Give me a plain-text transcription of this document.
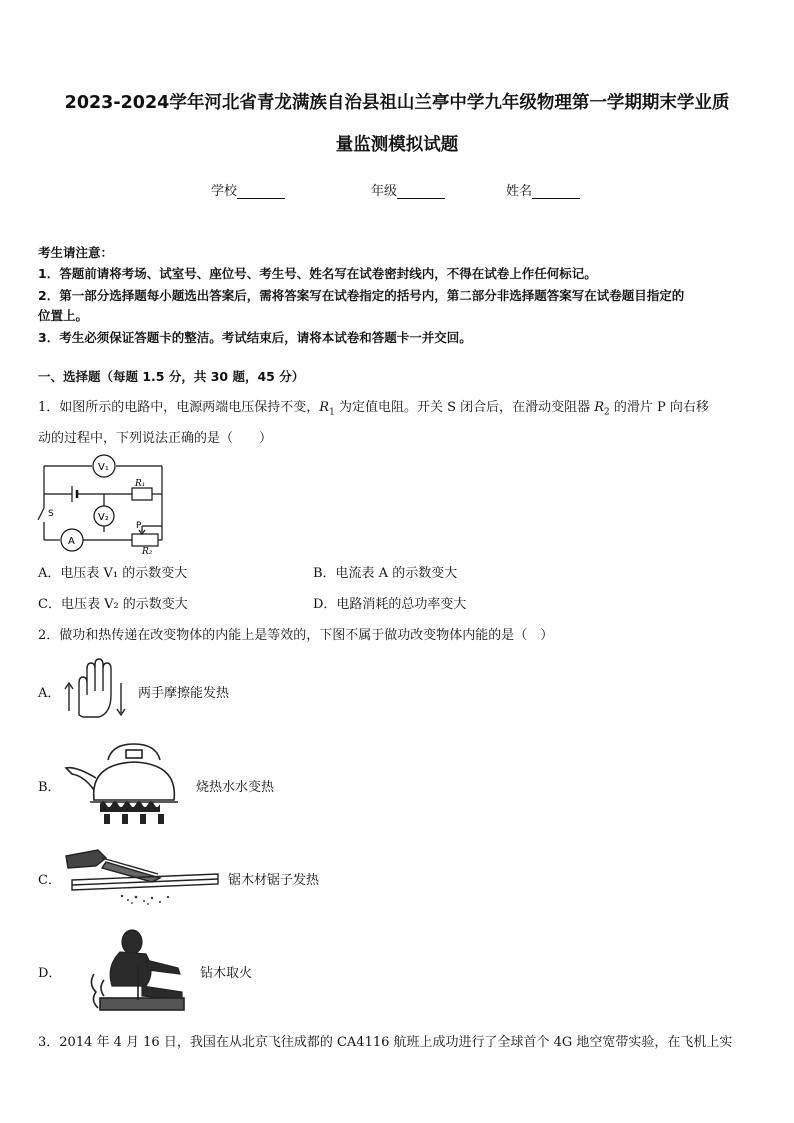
2023-2024学年河北省青龙满族自治县祖山兰亭中学九年级物理第一学期期末学业质
量监测模拟试题
学校	年级	姓名
考生请注意：
1．答题前请将考场、试室号、座位号、考生号、姓名写在试卷密封线内，不得在试卷上作任何标记。
2．第一部分选择题每小题选出答案后，需将答案写在试卷指定的括号内，第二部分非选择题答案写在试卷题目指定的
位置上。
3．考生必须保证答题卡的整洁。考试结束后，请将本试卷和答题卡一并交回。
一、选择题（每题 1.5 分，共 30 题，45 分）
1．如图所示的电路中，电源两端电压保持不变，$R_1$ 为定值电阻。开关 S 闭合后，在滑动变阻器 $R_2$ 的滑片 P 向右移
动的过程中，下列说法正确的是（　　）
V₁
V₂
A
R₁
R₂
S
P
A．电压表 V₁ 的示数变大	B．电流表 A 的示数变大
C．电压表 V₂ 的示数变大	D．电路消耗的总功率变大
2．做功和热传递在改变物体的内能上是等效的，下图不属于做功改变物体内能的是（　）
A．	两手摩擦能发热
B．	烧热水水变热
C．	锯木材锯子发热
D．	钻木取火
3．2014 年 4 月 16 日，我国在从北京飞往成都的 CA4116 航班上成功进行了全球首个 4G 地空宽带实验，在飞机上实
